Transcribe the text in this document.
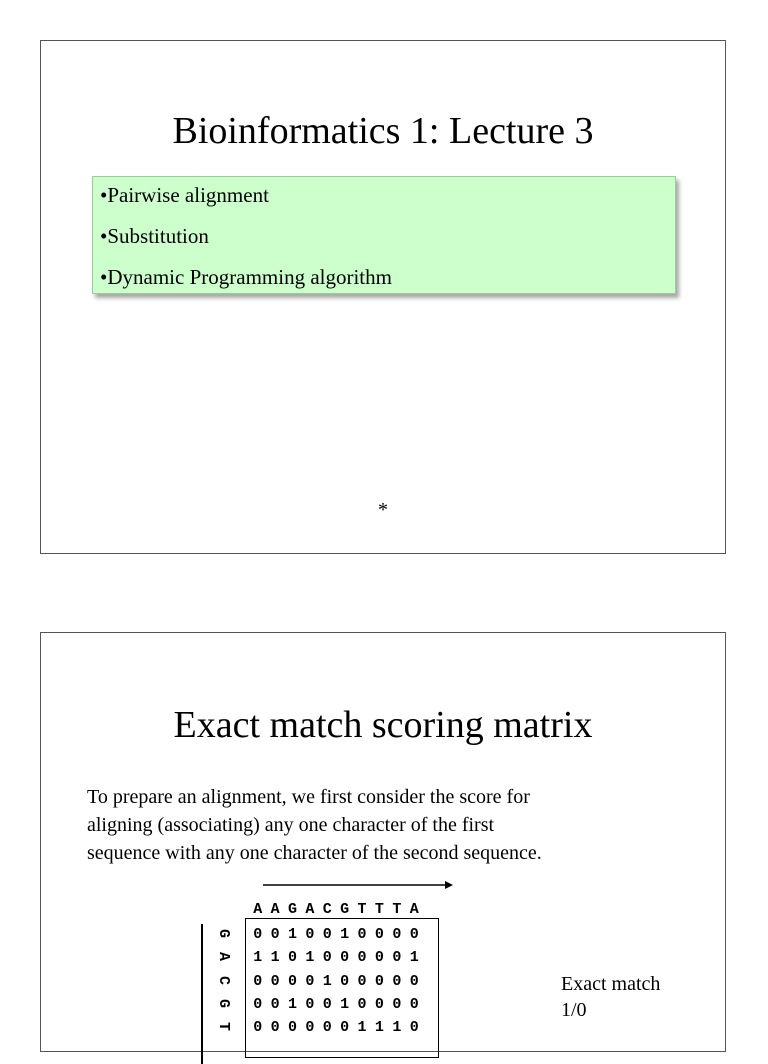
Bioinformatics 1: Lecture 3
•Pairwise alignment
•Substitution
•Dynamic Programming algorithm
*
Exact match scoring matrix
To prepare an alignment, we first consider the score for
aligning (associating) any one character of the first
sequence with any one character of the second sequence.
A A G A C G T T T A
G
A
C
G
T
0 0 1 0 0 1 0 0 0 0
1 1 0 1 0 0 0 0 0 1
0 0 0 0 1 0 0 0 0 0
0 0 1 0 0 1 0 0 0 0
0 0 0 0 0 0 1 1 1 0
Exact match
1/0
